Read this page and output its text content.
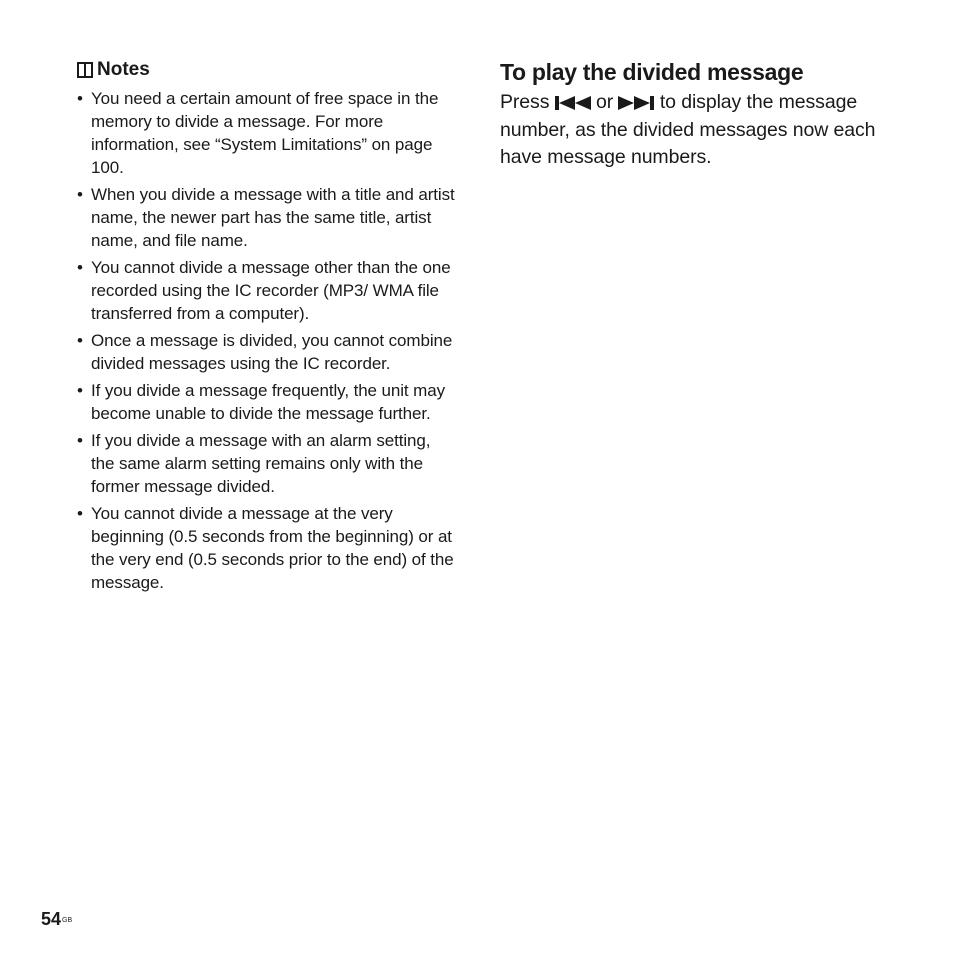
Notes
• You need a certain amount of free space in the memory to divide a message. For more information, see “System Limitations” on page 100.
• When you divide a message with a title and artist name, the newer part has the same title, artist name, and file name.
• You cannot divide a message other than the one recorded using the IC recorder (MP3/ WMA file transferred from a computer).
• Once a message is divided, you cannot combine divided messages using the IC recorder.
• If you divide a message frequently, the unit may become unable to divide the message further.
• If you divide a message with an alarm setting, the same alarm setting remains only with the former message divided.
• You cannot divide a message at the very beginning (0.5 seconds from the beginning) or at the very end (0.5 seconds prior to the end) of the message.
To play the divided message

Press or to display the message number, as the divided messages now each have message numbers.

$54^{GB}$
